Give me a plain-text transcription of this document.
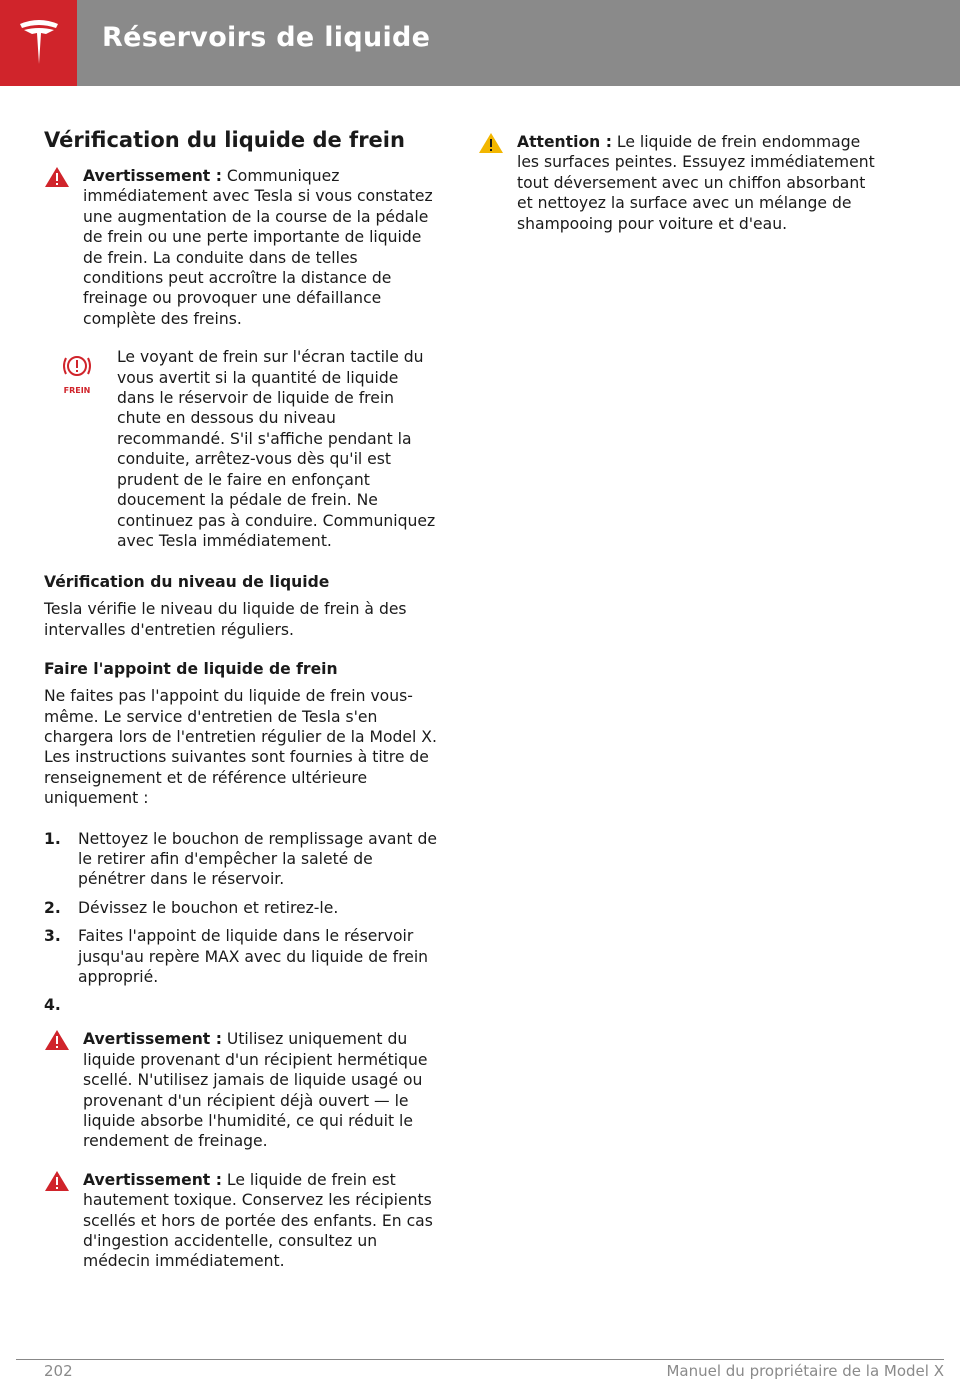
Réservoirs de liquide
Vérification du liquide de frein
Avertissement : Communiquez immédiatement avec Tesla si vous constatez une augmentation de la course de la pédale de frein ou une perte importante de liquide de frein. La conduite dans de telles conditions peut accroître la distance de freinage ou provoquer une défaillance complète des freins.
FREIN
Le voyant de frein sur l'écran tactile du vous avertit si la quantité de liquide dans le réservoir de liquide de frein chute en dessous du niveau recommandé. S'il s'affiche pendant la conduite, arrêtez-vous dès qu'il est prudent de le faire en enfonçant doucement la pédale de frein. Ne continuez pas à conduire. Communiquez avec Tesla immédiatement.
Vérification du niveau de liquide
Tesla vérifie le niveau du liquide de frein à des intervalles d'entretien réguliers.
Faire l'appoint de liquide de frein
Ne faites pas l'appoint du liquide de frein vous-même. Le service d'entretien de Tesla s'en chargera lors de l'entretien régulier de la Model X. Les instructions suivantes sont fournies à titre de renseignement et de référence ultérieure uniquement :
1. Nettoyez le bouchon de remplissage avant de le retirer afin d'empêcher la saleté de pénétrer dans le réservoir.
2. Dévissez le bouchon et retirez-le.
3. Faites l'appoint de liquide dans le réservoir jusqu'au repère MAX avec du liquide de frein approprié.
4.
Avertissement : Utilisez uniquement du liquide provenant d'un récipient hermétique scellé. N'utilisez jamais de liquide usagé ou provenant d'un récipient déjà ouvert — le liquide absorbe l'humidité, ce qui réduit le rendement de freinage.
Avertissement : Le liquide de frein est hautement toxique. Conservez les récipients scellés et hors de portée des enfants. En cas d'ingestion accidentelle, consultez un médecin immédiatement.
Attention : Le liquide de frein endommage les surfaces peintes. Essuyez immédiatement tout déversement avec un chiffon absorbant et nettoyez la surface avec un mélange de shampooing pour voiture et d'eau.
202	Manuel du propriétaire de la Model X
